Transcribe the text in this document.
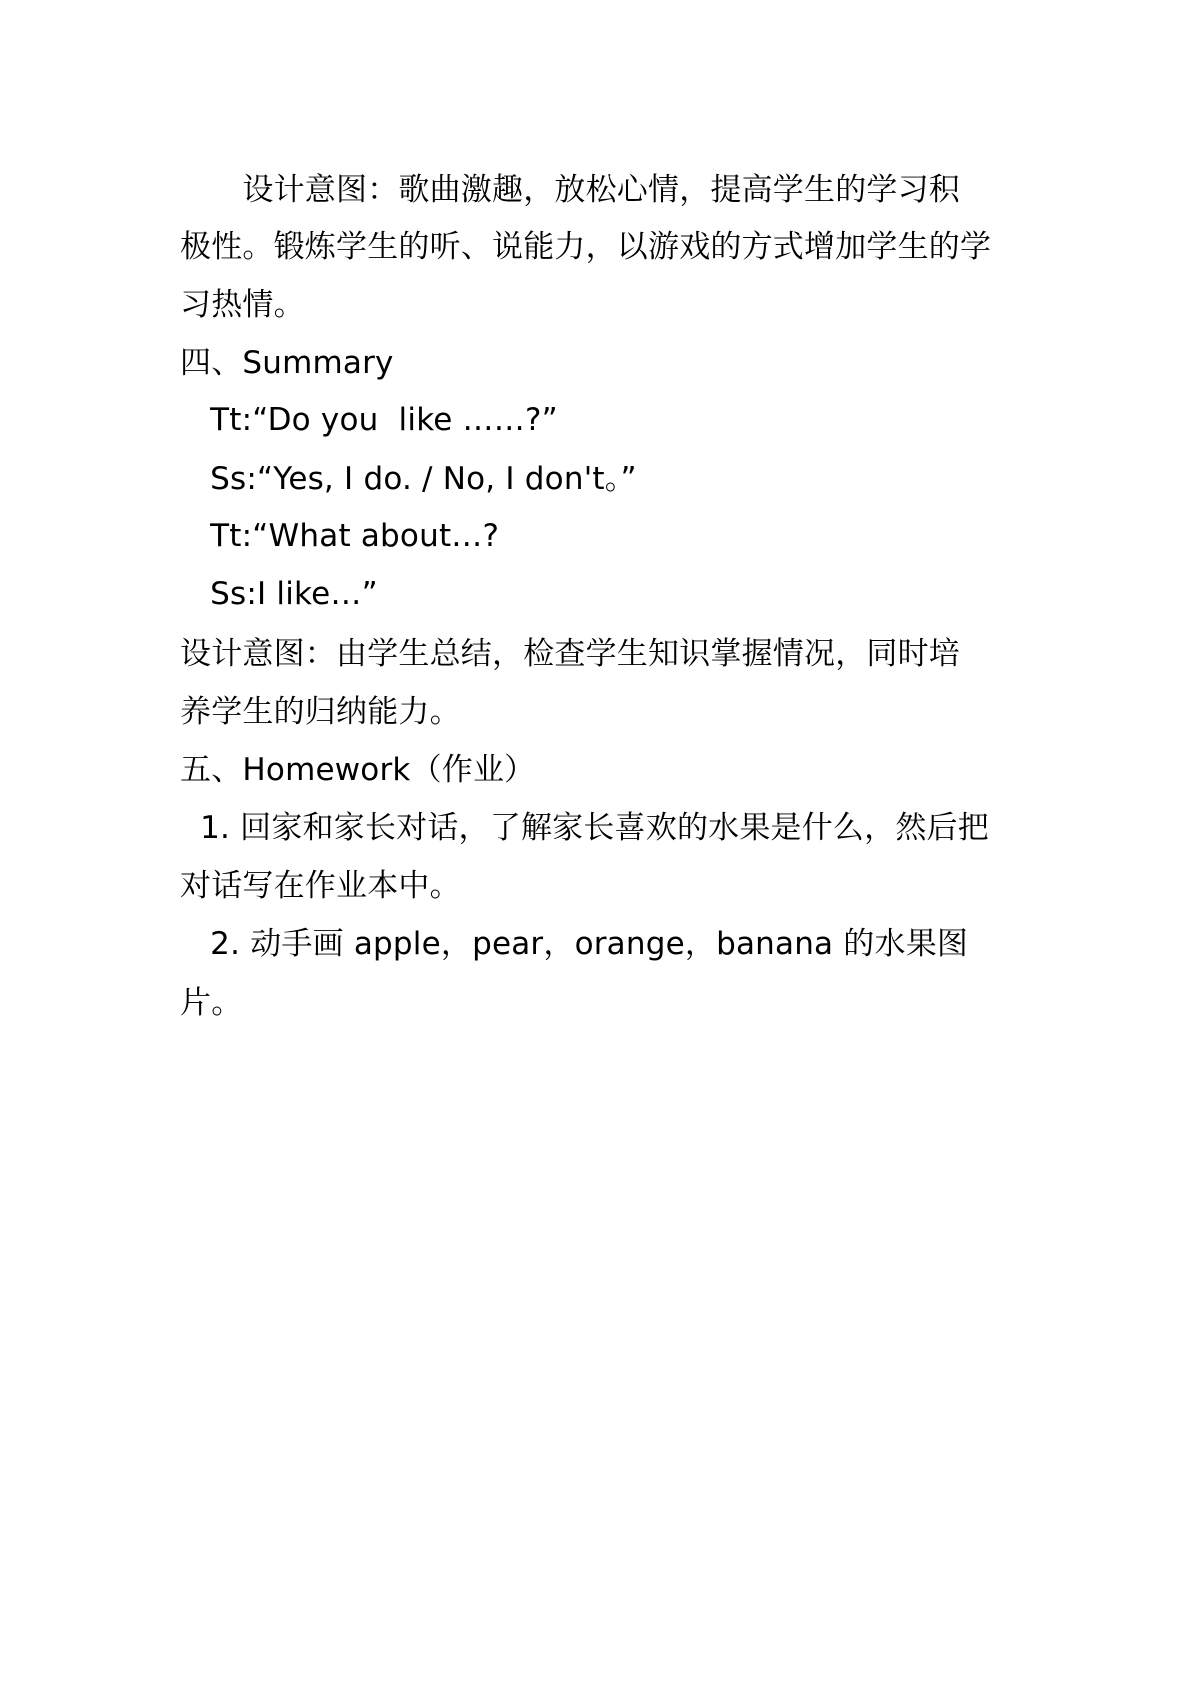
　　设计意图：歌曲激趣，放松心情，提高学生的学习积
极性。锻炼学生的听、说能力，以游戏的方式增加学生的学
习热情。
四、Summary
Tt:“Do you  like ……?”
Ss:“Yes, I do. / No, I don't。”
Tt:“What about…?
Ss:I like…”
设计意图：由学生总结，检查学生知识掌握情况，同时培
养学生的归纳能力。
五、Homework（作业）
1. 回家和家长对话，了解家长喜欢的水果是什么，然后把
对话写在作业本中。
2. 动手画 apple，pear，orange，banana 的水果图
片。
